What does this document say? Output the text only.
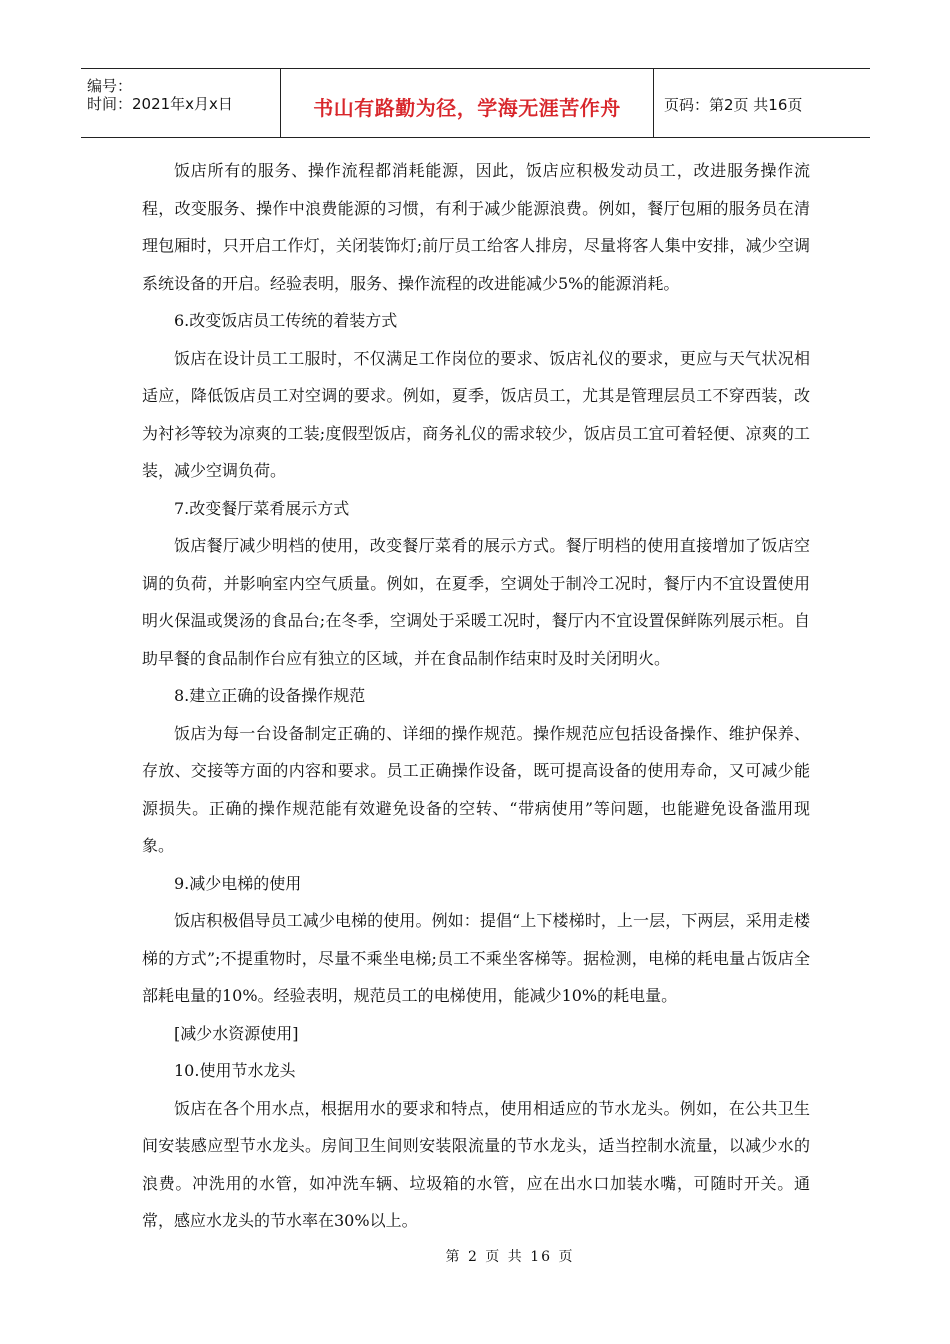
编号：
时间：2021年x月x日	书山有路勤为径，学海无涯苦作舟	页码：第2页 共16页

饭店所有的服务、操作流程都消耗能源，因此，饭店应积极发动员工，改进服务操作流程，改变服务、操作中浪费能源的习惯，有利于减少能源浪费。例如，餐厅包厢的服务员在清理包厢时，只开启工作灯，关闭装饰灯;前厅员工给客人排房，尽量将客人集中安排，减少空调系统设备的开启。经验表明，服务、操作流程的改进能减少5%的能源消耗。

6.改变饭店员工传统的着装方式

饭店在设计员工工服时，不仅满足工作岗位的要求、饭店礼仪的要求，更应与天气状况相适应，降低饭店员工对空调的要求。例如，夏季，饭店员工，尤其是管理层员工不穿西装，改为衬衫等较为凉爽的工装;度假型饭店，商务礼仪的需求较少，饭店员工宜可着轻便、凉爽的工装，减少空调负荷。

7.改变餐厅菜肴展示方式

饭店餐厅减少明档的使用，改变餐厅菜肴的展示方式。餐厅明档的使用直接增加了饭店空调的负荷，并影响室内空气质量。例如，在夏季，空调处于制冷工况时，餐厅内不宜设置使用明火保温或煲汤的食品台;在冬季，空调处于采暖工况时，餐厅内不宜设置保鲜陈列展示柜。自助早餐的食品制作台应有独立的区域，并在食品制作结束时及时关闭明火。

8.建立正确的设备操作规范

饭店为每一台设备制定正确的、详细的操作规范。操作规范应包括设备操作、维护保养、存放、交接等方面的内容和要求。员工正确操作设备，既可提高设备的使用寿命，又可减少能源损失。正确的操作规范能有效避免设备的空转、“带病使用”等问题，也能避免设备滥用现象。

9.减少电梯的使用

饭店积极倡导员工减少电梯的使用。例如：提倡“上下楼梯时，上一层，下两层，采用走楼梯的方式”;不提重物时，尽量不乘坐电梯;员工不乘坐客梯等。据检测，电梯的耗电量占饭店全部耗电量的10%。经验表明，规范员工的电梯使用，能减少10%的耗电量。

[减少水资源使用]

10.使用节水龙头

饭店在各个用水点，根据用水的要求和特点，使用相适应的节水龙头。例如，在公共卫生间安装感应型节水龙头。房间卫生间则安装限流量的节水龙头，适当控制水流量，以减少水的浪费。冲洗用的水管，如冲洗车辆、垃圾箱的水管，应在出水口加装水嘴，可随时开关。通常，感应水龙头的节水率在30%以上。

第 2 页 共 16 页
